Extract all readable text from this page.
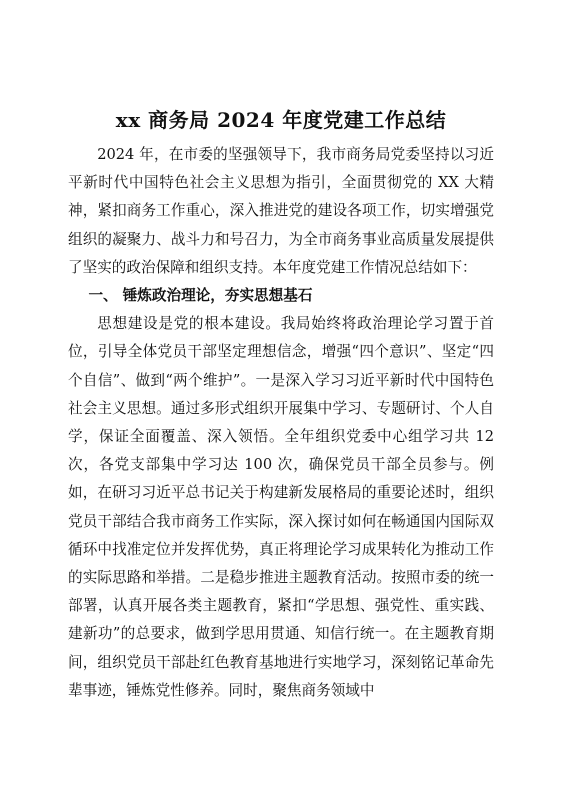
xx 商务局 2024 年度党建工作总结

2024 年，在市委的坚强领导下，我市商务局党委坚持以习近平新时代中国特色社会主义思想为指引，全面贯彻党的 XX 大精神，紧扣商务工作重心，深入推进党的建设各项工作，切实增强党组织的凝聚力、战斗力和号召力，为全市商务事业高质量发展提供了坚实的政治保障和组织支持。本年度党建工作情况总结如下：

一、 锤炼政治理论，夯实思想基石

思想建设是党的根本建设。我局始终将政治理论学习置于首位，引导全体党员干部坚定理想信念，增强“四个意识”、坚定“四个自信”、做到“两个维护”。一是深入学习习近平新时代中国特色社会主义思想。通过多形式组织开展集中学习、专题研讨、个人自学，保证全面覆盖、深入领悟。全年组织党委中心组学习共 12 次，各党支部集中学习达 100 次，确保党员干部全员参与。例如，在研习习近平总书记关于构建新发展格局的重要论述时，组织党员干部结合我市商务工作实际，深入探讨如何在畅通国内国际双循环中找准定位并发挥优势，真正将理论学习成果转化为推动工作的实际思路和举措。二是稳步推进主题教育活动。按照市委的统一部署，认真开展各类主题教育，紧扣“学思想、强党性、重实践、建新功”的总要求，做到学思用贯通、知信行统一。在主题教育期间，组织党员干部赴红色教育基地进行实地学习，深刻铭记革命先辈事迹，锤炼党性修养。同时，聚焦商务领域中
